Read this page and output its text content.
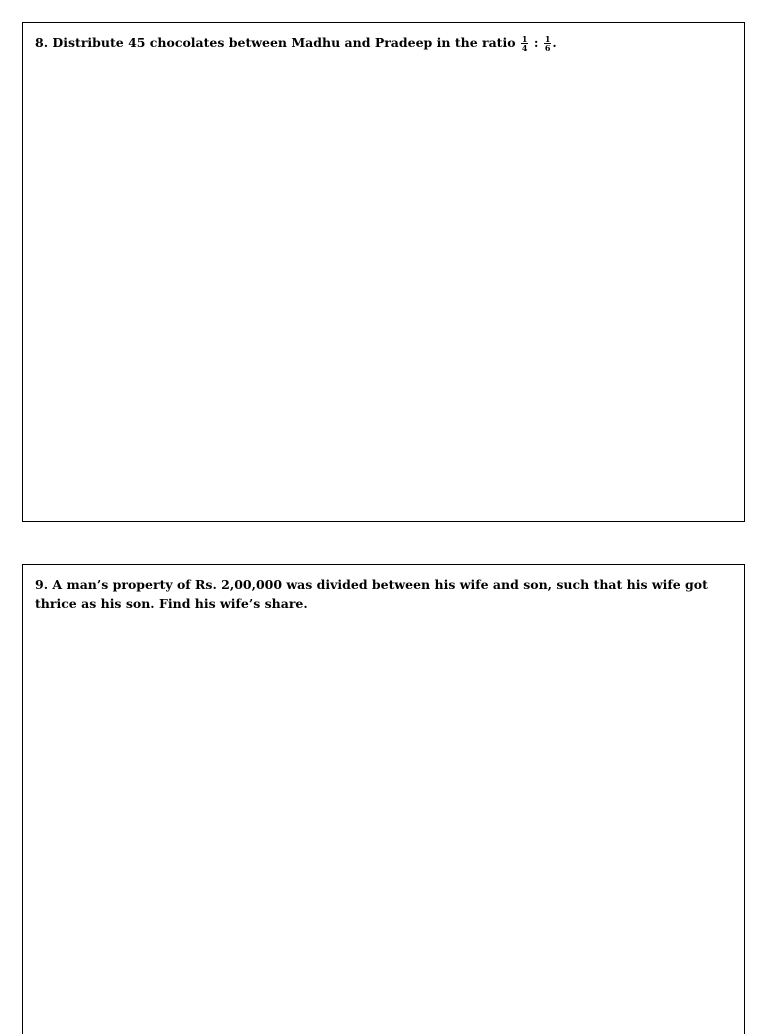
8. Distribute 45 chocolates between Madhu and Pradeep in the ratio $\frac{1}{4}$ : $\frac{1}{6}$ .
9. A man’s property of Rs. 2,00,000 was divided between his wife and son, such that his wife got thrice as his son. Find his wife’s share.
